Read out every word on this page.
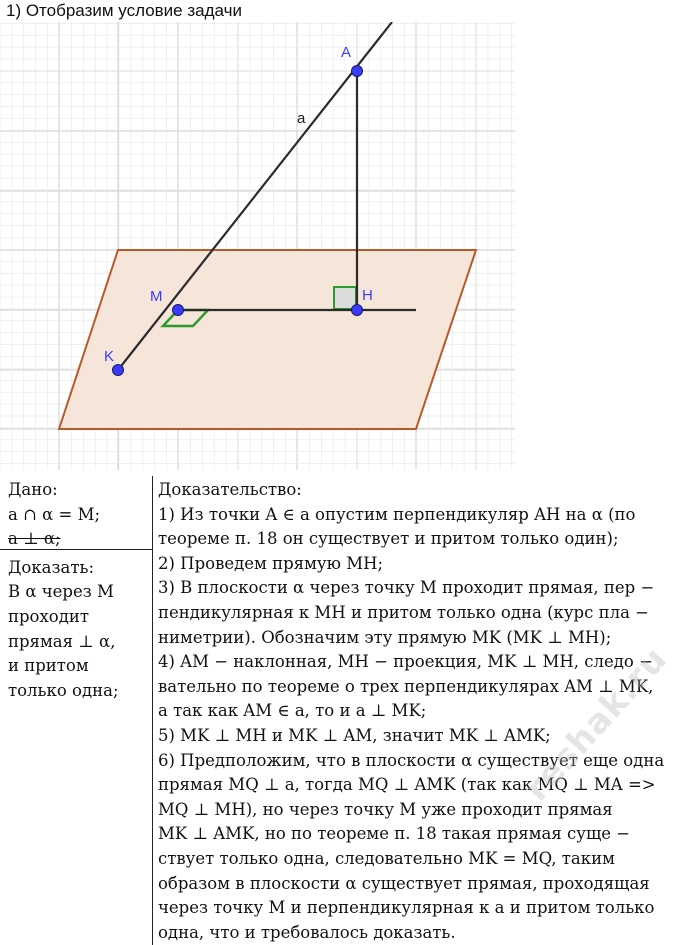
1) Отобразим условие задачи
A
a
M	H
K
Дано:
a ∩ α = M;
a ⊥ α;
Доказать:
В α через M
проходит
прямая ⊥ α,
и притом
только одна;
Доказательство:
1) Из точки A ∈ a опустим перпендикуляр AH на α (по
теореме п. 18 он существует и притом только один);
2) Проведем прямую MH;
3) В плоскости α через точку M проходит прямая, пер −
пендикулярная к MH и притом только одна (курс пла −
ниметрии). Обозначим эту прямую MK (MK ⊥ MH);
4) AM − наклонная, MH − проекция, MK ⊥ MH, следо −
вательно по теореме о трех перпендикулярах AM ⊥ MK,
а так как AM ∈ a, то и a ⊥ MK;
5) MK ⊥ MH и MK ⊥ AM, значит MK ⊥ AMK;
6) Предположим, что в плоскости α существует еще одна
прямая MQ ⊥ a, тогда MQ ⊥ AMK (так как MQ ⊥ MA =>
MQ ⊥ MH), но через точку M уже проходит прямая
MK ⊥ AMK, но по теореме п. 18 такая прямая суще −
ствует только одна, следовательно MK = MQ, таким
образом в плоскости α существует прямая, проходящая
через точку M и перпендикулярная к a и притом только
одна, что и требовалось доказать.
reshak.ru
